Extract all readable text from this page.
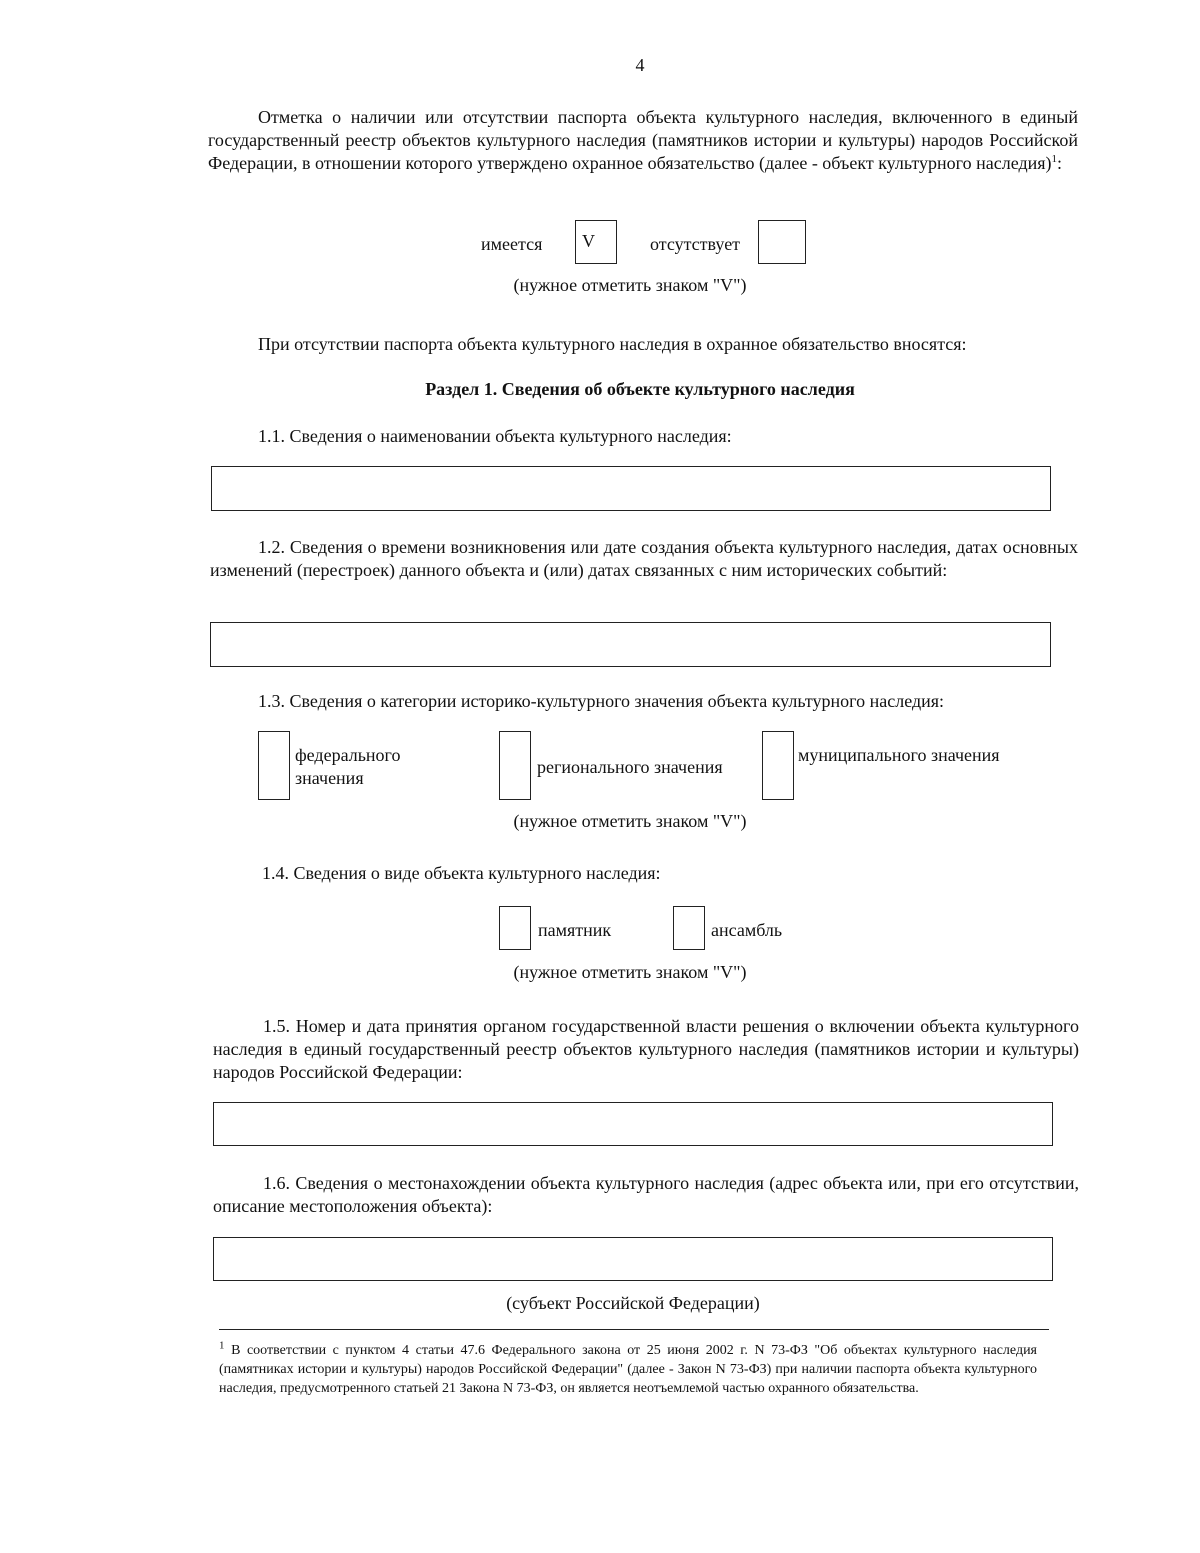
4
Отметка о наличии или отсутствии паспорта объекта культурного наследия, включенного в единый государственный реестр объектов культурного наследия (памятников истории и культуры) народов Российской Федерации, в отношении которого утверждено охранное обязательство (далее - объект культурного наследия)$^1$:
имеется	V	отсутствует
(нужное отметить знаком "V")
При отсутствии паспорта объекта культурного наследия в охранное обязательство вносятся:
Раздел 1. Сведения об объекте культурного наследия
1.1. Сведения о наименовании объекта культурного наследия:
1.2. Сведения о времени возникновения или дате создания объекта культурного наследия, датах основных изменений (перестроек) данного объекта и (или) датах связанных с ним исторических событий:
1.3. Сведения о категории историко-культурного значения объекта культурного наследия:
федерального
значения
регионального значения
муниципального значения
(нужное отметить знаком "V")
1.4. Сведения о виде объекта культурного наследия:
памятник	ансамбль
(нужное отметить знаком "V")
1.5. Номер и дата принятия органом государственной власти решения о включении объекта культурного наследия в единый государственный реестр объектов культурного наследия (памятников истории и культуры) народов Российской Федерации:
1.6. Сведения о местонахождении объекта культурного наследия (адрес объекта или, при его отсутствии, описание местоположения объекта):
(субъект Российской Федерации)
$^1$ В соответствии с пунктом 4 статьи 47.6 Федерального закона от 25 июня 2002 г. N 73-ФЗ "Об объектах культурного наследия (памятниках истории и культуры) народов Российской Федерации" (далее - Закон N 73-ФЗ) при наличии паспорта объекта культурного наследия, предусмотренного статьей 21 Закона N 73-ФЗ, он является неотъемлемой частью охранного обязательства.
